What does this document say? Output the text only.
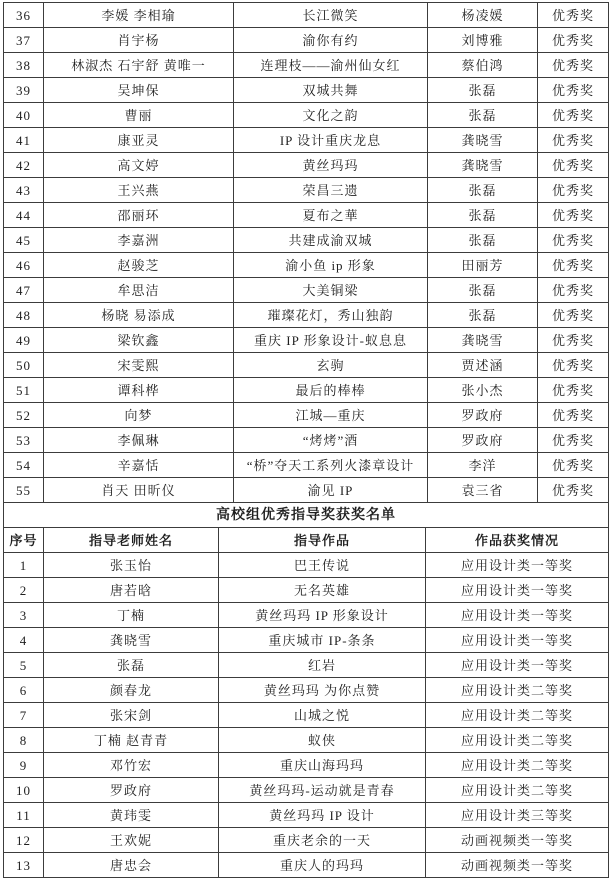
36	李媛 李相瑜	长江微笑	杨凌媛	优秀奖
37	肖宇杨	渝你有约	刘博雅	优秀奖
38	林淑杰 石宇舒 黄唯一	连理枝——渝州仙女红	蔡伯鸿	优秀奖
39	吴坤保	双城共舞	张磊	优秀奖
40	曹丽	文化之韵	张磊	优秀奖
41	康亚灵	IP 设计重庆龙息	龚晓雪	优秀奖
42	高文婷	黄丝玛玛	龚晓雪	优秀奖
43	王兴燕	荣昌三遗	张磊	优秀奖
44	邵丽环	夏布之華	张磊	优秀奖
45	李嘉洲	共建成渝双城	张磊	优秀奖
46	赵骏芝	渝小鱼 ip 形象	田丽芳	优秀奖
47	牟思洁	大美铜梁	张磊	优秀奖
48	杨晓 易添成	璀璨花灯，秀山独韵	张磊	优秀奖
49	梁钦鑫	重庆 IP 形象设计-蚁息息	龚晓雪	优秀奖
50	宋雯熙	玄驹	贾述涵	优秀奖
51	谭科桦	最后的棒棒	张小杰	优秀奖
52	向梦	江城—重庆	罗政府	优秀奖
53	李佩琳	“烤烤”酒	罗政府	优秀奖
54	辛嘉恬	“桥”夺天工系列火漆章设计	李洋	优秀奖
55	肖天 田昕仪	渝见 IP	袁三省	优秀奖
高校组优秀指导奖获奖名单			
序号	指导老师姓名	指导作品	作品获奖情况
1	张玉怡	巴王传说	应用设计类一等奖
2	唐若晗	无名英雄	应用设计类一等奖
3	丁楠	黄丝玛玛 IP 形象设计	应用设计类一等奖
4	龚晓雪	重庆城市 IP-条条	应用设计类一等奖
5	张磊	红岩	应用设计类一等奖
6	颜春龙	黄丝玛玛 为你点赞	应用设计类二等奖
7	张宋剑	山城之悦	应用设计类二等奖
8	丁楠 赵青青	蚁侠	应用设计类二等奖
9	邓竹宏	重庆山海玛玛	应用设计类二等奖
10	罗政府	黄丝玛玛-运动就是青春	应用设计类二等奖
11	黄玮雯	黄丝玛玛 IP 设计	应用设计类三等奖
12	王欢妮	重庆老余的一天	动画视频类一等奖
13	唐忠会	重庆人的玛玛	动画视频类一等奖
